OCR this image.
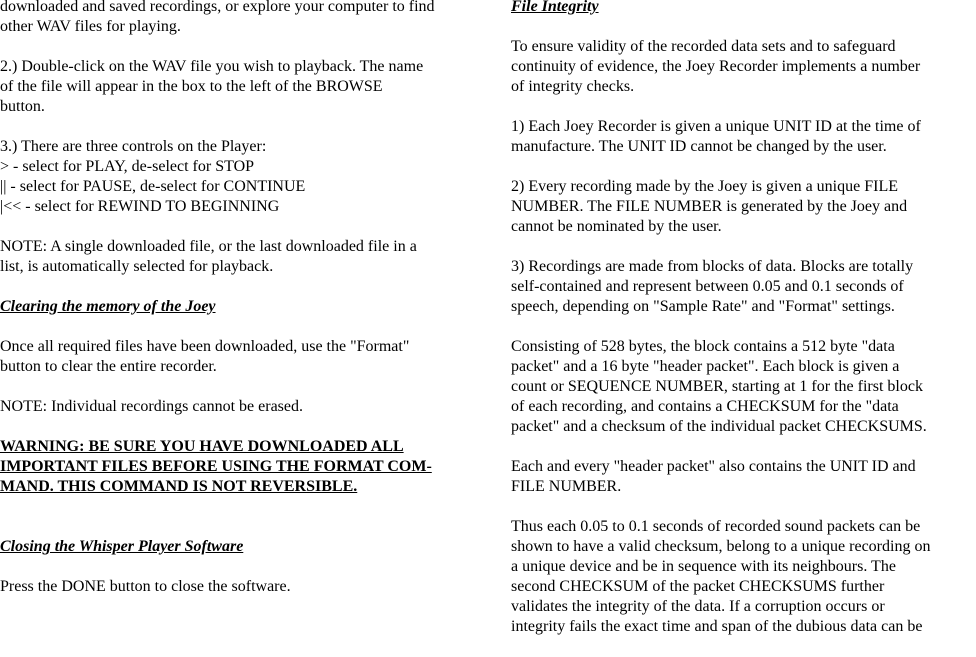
downloaded and saved recordings, or explore your computer to find
other WAV files for playing.
2.) Double-click on the WAV file you wish to playback. The name
of the file will appear in the box to the left of the BROWSE
button.
3.) There are three controls on the Player:
> - select for PLAY, de-select for STOP
|| - select for PAUSE, de-select for CONTINUE
|<< - select for REWIND TO BEGINNING
NOTE: A single downloaded file, or the last downloaded file in a
list, is automatically selected for playback.
Clearing the memory of the Joey
Once all required files have been downloaded, use the "Format"
button to clear the entire recorder.
NOTE: Individual recordings cannot be erased.
WARNING: BE SURE YOU HAVE DOWNLOADED ALL
IMPORTANT FILES BEFORE USING THE FORMAT COM-
MAND. THIS COMMAND IS NOT REVERSIBLE.
Closing the Whisper Player Software
Press the DONE button to close the software.
File Integrity
To ensure validity of the recorded data sets and to safeguard
continuity of evidence, the Joey Recorder implements a number
of integrity checks.
1) Each Joey Recorder is given a unique UNIT ID at the time of
manufacture. The UNIT ID cannot be changed by the user.
2) Every recording made by the Joey is given a unique FILE
NUMBER. The FILE NUMBER is generated by the Joey and
cannot be nominated by the user.
3) Recordings are made from blocks of data. Blocks are totally
self-contained and represent between 0.05 and 0.1 seconds of
speech, depending on "Sample Rate" and "Format" settings.
Consisting of 528 bytes, the block contains a 512 byte "data
packet" and a 16 byte "header packet". Each block is given a
count or SEQUENCE NUMBER, starting at 1 for the first block
of each recording, and contains a CHECKSUM for the "data
packet" and a checksum of the individual packet CHECKSUMS.
Each and every "header packet" also contains the UNIT ID and
FILE NUMBER.
Thus each 0.05 to 0.1 seconds of recorded sound packets can be
shown to have a valid checksum, belong to a unique recording on
a unique device and be in sequence with its neighbours. The
second CHECKSUM of the packet CHECKSUMS further
validates the integrity of the data. If a corruption occurs or
integrity fails the exact time and span of the dubious data can be
